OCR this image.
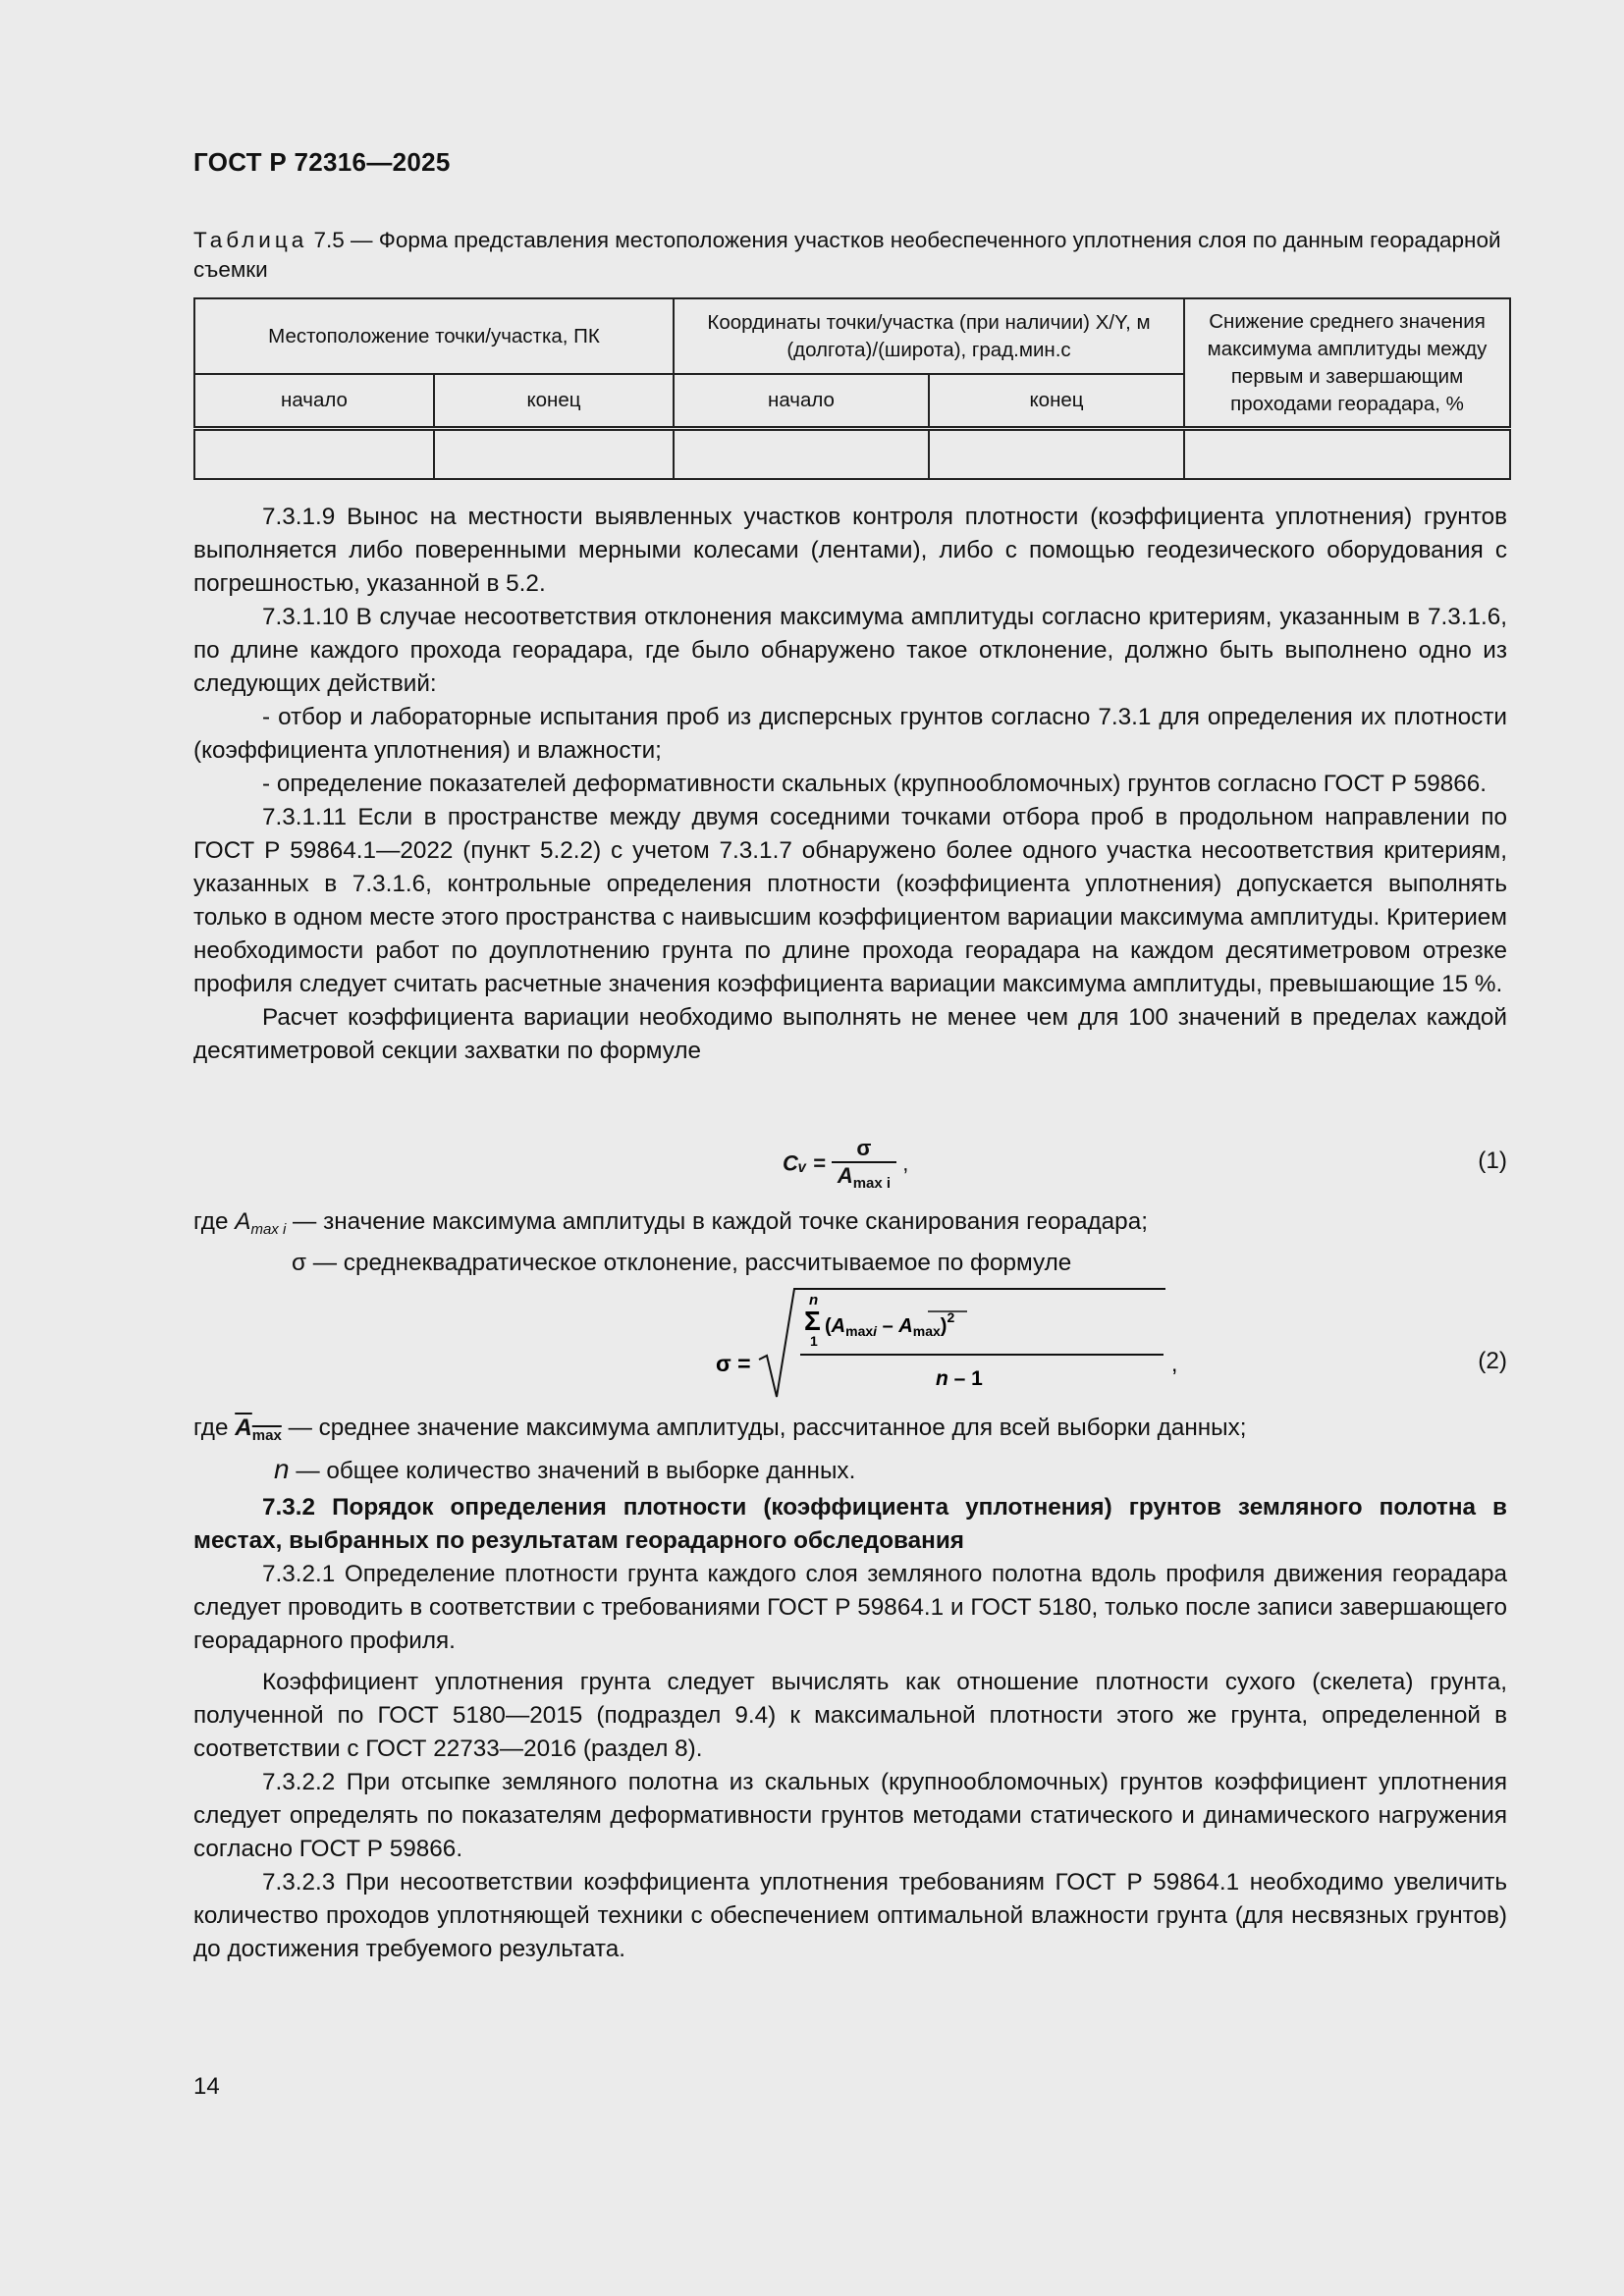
ГОСТ Р 72316—2025
Таблица 7.5 — Форма представления местоположения участков необеспеченного уплотнения слоя по данным георадарной съемки
Местоположение точки/участка, ПК		Координаты точки/участка (при наличии) X/Y, м (долгота)/(широта), град.мин.с		Снижение среднего значения максимума амплитуды между первым и завершающим проходами георадара, %
начало	конец	начало	конец	

7.3.1.9 Вынос на местности выявленных участков контроля плотности (коэффициента уплотнения) грунтов выполняется либо поверенными мерными колесами (лентами), либо с помощью геодезического оборудования с погрешностью, указанной в 5.2.

7.3.1.10 В случае несоответствия отклонения максимума амплитуды согласно критериям, указанным в 7.3.1.6, по длине каждого прохода георадара, где было обнаружено такое отклонение, должно быть выполнено одно из следующих действий:

- отбор и лабораторные испытания проб из дисперсных грунтов согласно 7.3.1 для определения их плотности (коэффициента уплотнения) и влажности;

- определение показателей деформативности скальных (крупнообломочных) грунтов согласно ГОСТ Р 59866.

7.3.1.11 Если в пространстве между двумя соседними точками отбора проб в продольном направлении по ГОСТ Р 59864.1—2022 (пункт 5.2.2) с учетом 7.3.1.7 обнаружено более одного участка несоответствия критериям, указанных в 7.3.1.6, контрольные определения плотности (коэффициента уплотнения) допускается выполнять только в одном месте этого пространства с наивысшим коэффициентом вариации максимума амплитуды. Критерием необходимости работ по доуплотнению грунта по длине прохода георадара на каждом десятиметровом отрезке профиля следует считать расчетные значения коэффициента вариации максимума амплитуды, превышающие 15 %.

Расчет коэффициента вариации необходимо выполнять не менее чем для 100 значений в пределах каждой десятиметровой секции захватки по формуле

Cᵥ = $\frac{\sigma}{A_{max i}}$ ,	(1)

где $A_{max i}$ — значение максимума амплитуды в каждой точке сканирования георадара;

σ — среднеквадратическое отклонение, рассчитываемое по формуле

σ =
n
Σ
1
$(A_{maxi} - A_{max})^2$
n – 1
,	(2)

где $A_{max}$ — среднее значение максимума амплитуды, рассчитанное для всей выборки данных;

n — общее количество значений в выборке данных.

7.3.2 Порядок определения плотности (коэффициента уплотнения) грунтов земляного полотна в местах, выбранных по результатам георадарного обследования

7.3.2.1 Определение плотности грунта каждого слоя земляного полотна вдоль профиля движения георадара следует проводить в соответствии с требованиями ГОСТ Р 59864.1 и ГОСТ 5180, только после записи завершающего георадарного профиля.

Коэффициент уплотнения грунта следует вычислять как отношение плотности сухого (скелета) грунта, полученной по ГОСТ 5180—2015 (подраздел 9.4) к максимальной плотности этого же грунта, определенной в соответствии с ГОСТ 22733—2016 (раздел 8).

7.3.2.2 При отсыпке земляного полотна из скальных (крупнообломочных) грунтов коэффициент уплотнения следует определять по показателям деформативности грунтов методами статического и динамического нагружения согласно ГОСТ Р 59866.

7.3.2.3 При несоответствии коэффициента уплотнения требованиям ГОСТ Р 59864.1 необходимо увеличить количество проходов уплотняющей техники с обеспечением оптимальной влажности грунта (для несвязных грунтов) до достижения требуемого результата.

14
